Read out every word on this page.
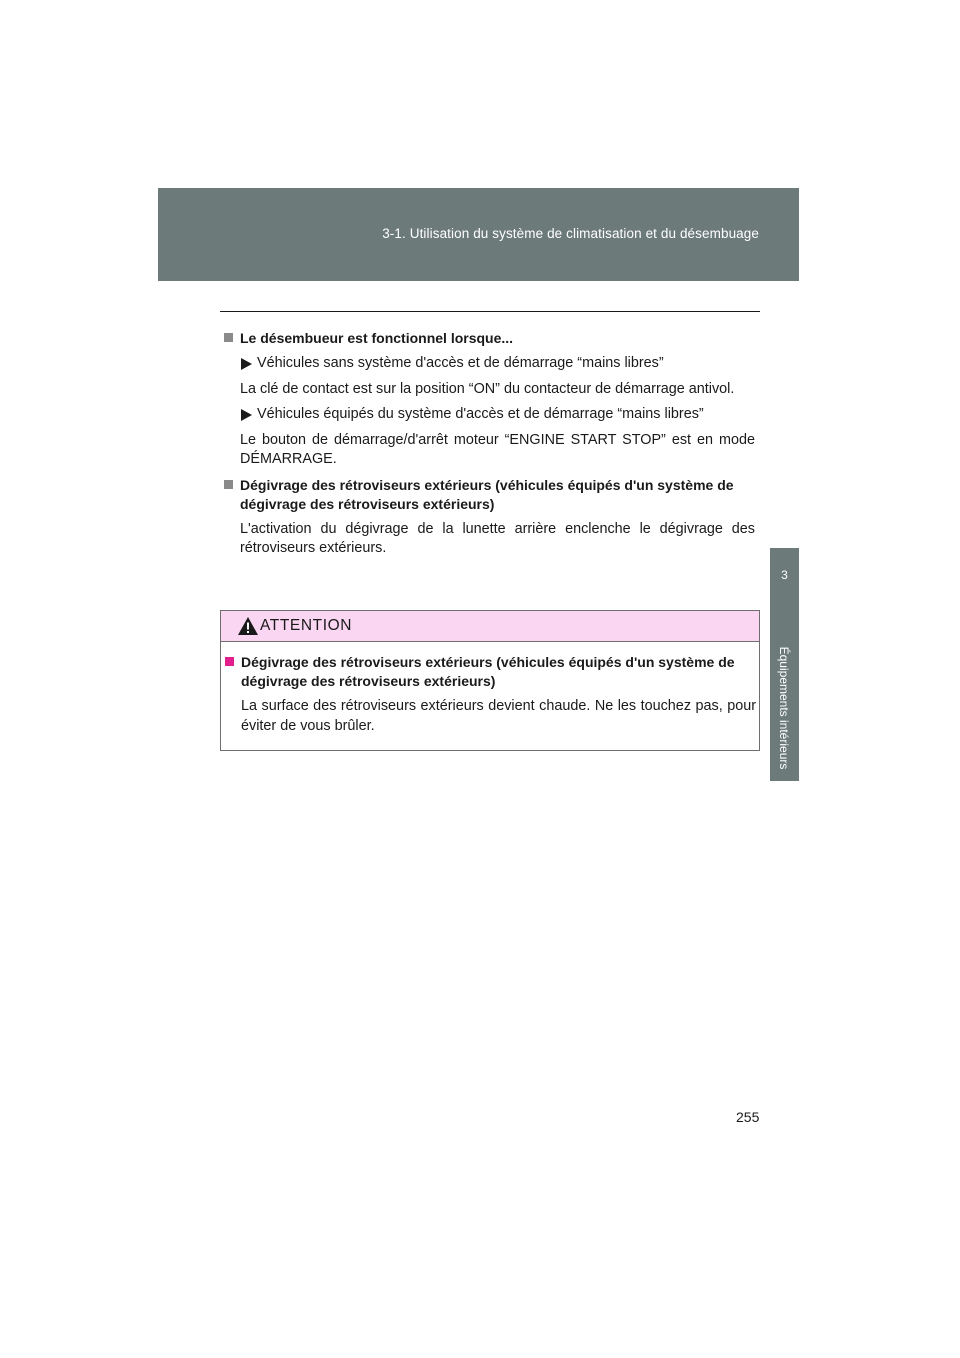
3-1. Utilisation du système de climatisation et du désembuage
3
Équipements intérieurs
Le désembueur est fonctionnel lorsque...
Véhicules sans système d'accès et de démarrage “mains libres”
La clé de contact est sur la position “ON” du contacteur de démarrage antivol.
Véhicules équipés du système d'accès et de démarrage “mains libres”
Le bouton de démarrage/d'arrêt moteur “ENGINE START STOP” est en mode DÉMARRAGE.
Dégivrage des rétroviseurs extérieurs (véhicules équipés d'un système de dégivrage des rétroviseurs extérieurs)
L'activation du dégivrage de la lunette arrière enclenche le dégivrage des rétroviseurs extérieurs.
ATTENTION
Dégivrage des rétroviseurs extérieurs (véhicules équipés d'un système de dégivrage des rétroviseurs extérieurs)
La surface des rétroviseurs extérieurs devient chaude. Ne les touchez pas, pour éviter de vous brûler.
255
